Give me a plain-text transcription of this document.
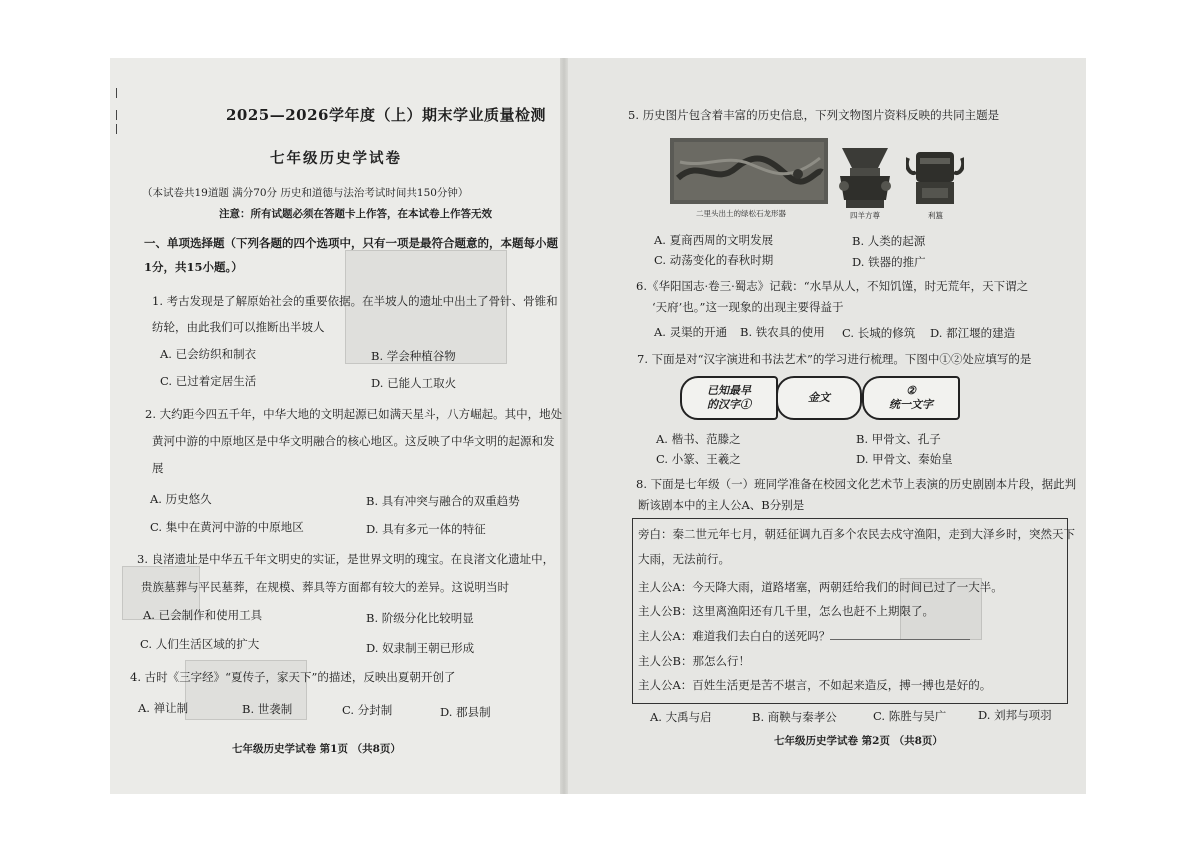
2025—2026学年度（上）期末学业质量检测
七年级历史学试卷
（本试卷共19道题 满分70分 历史和道德与法治考试时间共150分钟）
注意：所有试题必须在答题卡上作答，在本试卷上作答无效
一、单项选择题（下列各题的四个选项中，只有一项是最符合题意的，本题每小题
1分，共15小题。）
1. 考古发现是了解原始社会的重要依据。在半坡人的遗址中出土了骨针、骨锥和
纺轮，由此我们可以推断出半坡人
A. 已会纺织和制衣	B. 学会种植谷物
C. 已过着定居生活	D. 已能人工取火
2. 大约距今四五千年，中华大地的文明起源已如满天星斗，八方崛起。其中，地处
黄河中游的中原地区是中华文明融合的核心地区。这反映了中华文明的起源和发
展
A. 历史悠久	B. 具有冲突与融合的双重趋势
C. 集中在黄河中游的中原地区	D. 具有多元一体的特征
3. 良渚遗址是中华五千年文明史的实证，是世界文明的瑰宝。在良渚文化遗址中，
贵族墓葬与平民墓葬，在规模、葬具等方面都有较大的差异。这说明当时
A. 已会制作和使用工具	B. 阶级分化比较明显
C. 人们生活区域的扩大	D. 奴隶制王朝已形成
4. 古时《三字经》“夏传子，家天下”的描述，反映出夏朝开创了
A. 禅让制	B. 世袭制	C. 分封制	D. 郡县制
七年级历史学试卷 第1页 （共8页）
5. 历史图片包含着丰富的历史信息，下列文物图片资料反映的共同主题是
二里头出土的绿松石龙形器	四羊方尊	利簋
A. 夏商西周的文明发展	B. 人类的起源
C. 动荡变化的春秋时期	D. 铁器的推广
6.《华阳国志·卷三·蜀志》记载：“水旱从人，不知饥馑，时无荒年，天下谓之
‘天府’也。”这一现象的出现主要得益于
A. 灵渠的开通 B. 铁农具的使用 C. 长城的修筑 D. 都江堰的建造
7. 下面是对“汉字演进和书法艺术”的学习进行梳理。下图中①②处应填写的是
已知最早
的汉字①
金文
②
统一文字
A. 楷书、范滕之	B. 甲骨文、孔子
C. 小篆、王羲之	D. 甲骨文、秦始皇
8. 下面是七年级（一）班同学准备在校园文化艺术节上表演的历史剧剧本片段，据此判
断该剧本中的主人公A、B分别是
旁白：秦二世元年七月，朝廷征调九百多个农民去戍守渔阳，走到大泽乡时，突然天下
大雨，无法前行。
主人公A：今天降大雨，道路堵塞，两朝廷给我们的时间已过了一大半。
主人公B：这里离渔阳还有几千里，怎么也赶不上期限了。
主人公A：难道我们去白白的送死吗？
主人公B：那怎么行！
主人公A：百姓生活更是苦不堪言，不如起来造反，搏一搏也是好的。
A. 大禹与启	B. 商鞅与秦孝公	C. 陈胜与吴广	D. 刘邦与项羽
七年级历史学试卷 第2页 （共8页）
